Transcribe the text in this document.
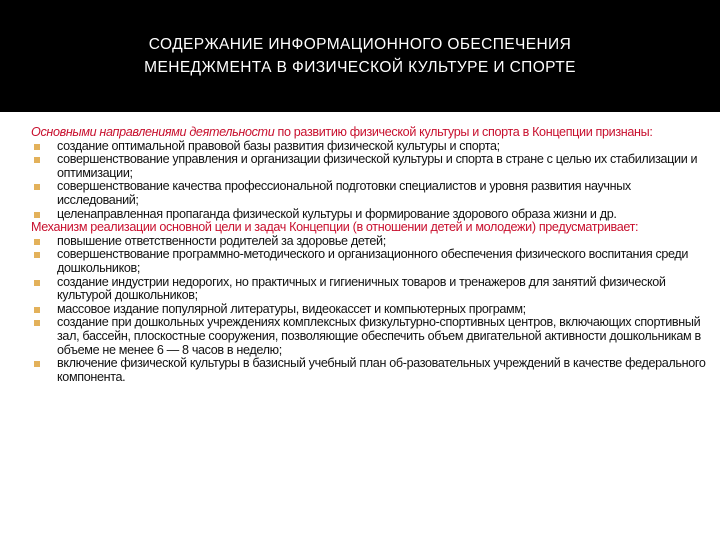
СОДЕРЖАНИЕ ИНФОРМАЦИОННОГО ОБЕСПЕЧЕНИЯ
МЕНЕДЖМЕНТА В ФИЗИЧЕСКОЙ КУЛЬТУРЕ И СПОРТЕ
Основными направлениями деятельности по развитию физической культуры и спорта в Концепции признаны:
создание оптимальной правовой базы развития физической культуры и спорта;
совершенствование управления и организации физической культуры и спорта в стране с целью их стабилизации и оптимизации;
совершенствование качества профессиональной подготовки специалистов и уровня развития научных исследований;
целенаправленная пропаганда физической культуры и формирование здорового образа жизни и др.
Механизм реализации основной цели и задач Концепции (в отношении детей и молодежи) предусматривает:
повышение ответственности родителей за здоровье детей;
совершенствование программно-методического и организационного обеспечения физического воспитания среди дошкольников;
создание индустрии недорогих, но практичных и гигиеничных товаров и тренажеров для занятий физической культурой дошкольников;
массовое издание популярной литературы, видеокассет и компьютерных программ;
создание при дошкольных учреждениях комплексных физкультурно-спортивных центров, включающих спортивный зал, бассейн, плоскостные сооружения, позволяющие обеспечить объем двигательной активности дошкольникам в объеме не менее 6 — 8 часов в неделю;
включение физической культуры в базисный учебный план об-разовательных учреждений в качестве федерального компонента.
